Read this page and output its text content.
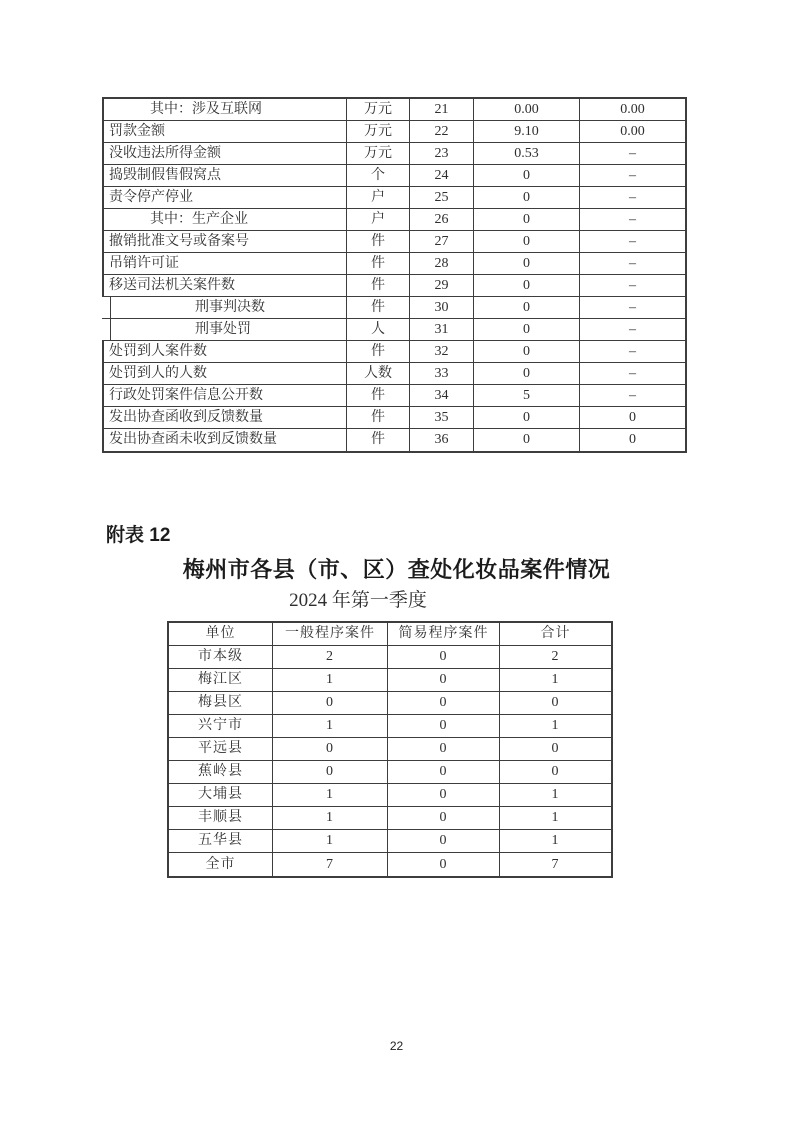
其中：涉及互联网	万元	21	0.00	0.00
罚款金额	万元	22	9.10	0.00
没收违法所得金额	万元	23	0.53	–
捣毁制假售假窝点	个	24	0	–
责令停产停业	户	25	0	–
其中：生产企业	户	26	0	–
撤销批准文号或备案号	件	27	0	–
吊销许可证	件	28	0	–
移送司法机关案件数	件	29	0	–
刑事判决数	件	30	0	–
刑事处罚	人	31	0	–
处罚到人案件数	件	32	0	–
处罚到人的人数	人数	33	0	–
行政处罚案件信息公开数	件	34	5	–
发出协查函收到反馈数量	件	35	0	0
发出协查函未收到反馈数量	件	36	0	0
附表 12
梅州市各县（市、区）查处化妆品案件情况
2024 年第一季度
单位	一般程序案件	简易程序案件	合计
市本级	2	0	2
梅江区	1	0	1
梅县区	0	0	0
兴宁市	1	0	1
平远县	0	0	0
蕉岭县	0	0	0
大埔县	1	0	1
丰顺县	1	0	1
五华县	1	0	1
全市	7	0	7
22
